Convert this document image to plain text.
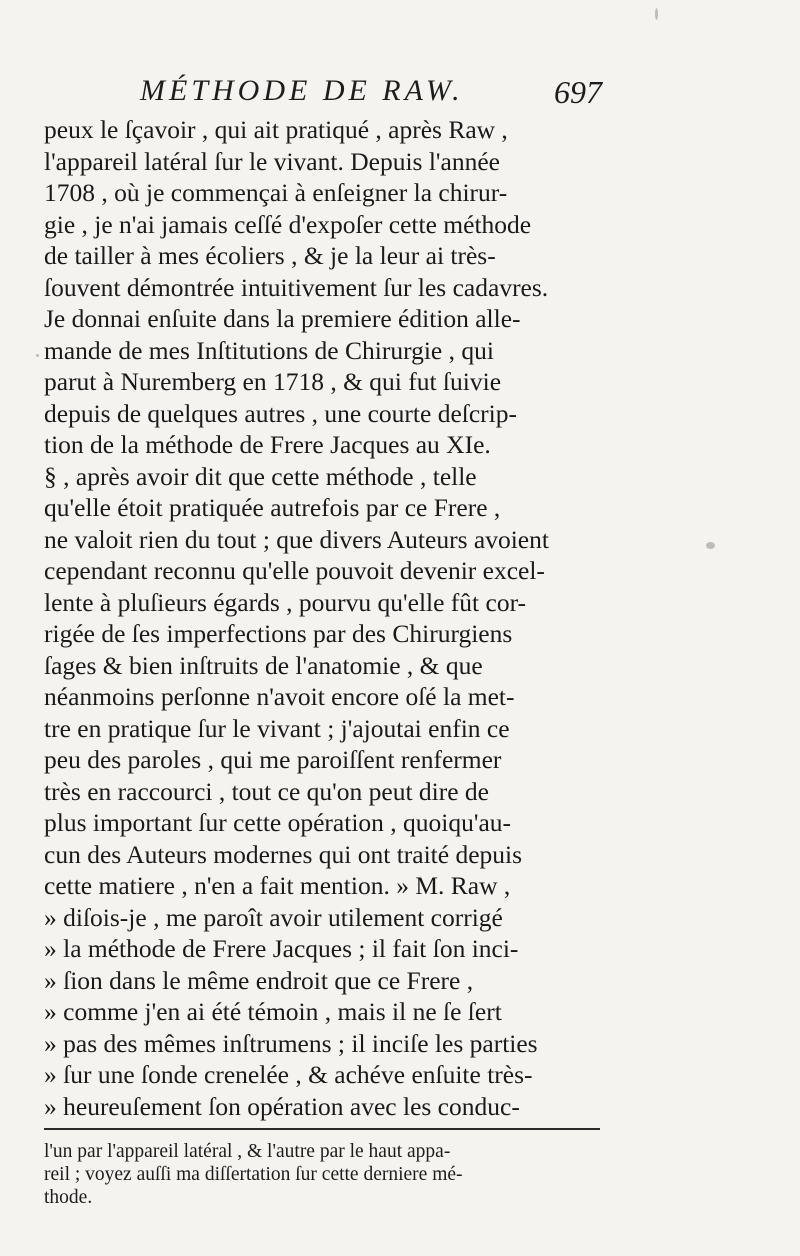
MÉTHODE DE RAW.	697
peux le ſçavoir , qui ait pratiqué , après Raw ,
l'appareil latéral ſur le vivant. Depuis l'année
1708 , où je commençai à enſeigner la chirur-
gie , je n'ai jamais ceſſé d'expoſer cette méthode
de tailler à mes écoliers , & je la leur ai très-
ſouvent démontrée intuitivement ſur les cadavres.
Je donnai enſuite dans la premiere édition alle-
mande de mes Inſtitutions de Chirurgie , qui
parut à Nuremberg en 1718 , & qui fut ſuivie
depuis de quelques autres , une courte deſcrip-
tion de la méthode de Frere Jacques au XIe.
§ , après avoir dit que cette méthode , telle
qu'elle étoit pratiquée autrefois par ce Frere ,
ne valoit rien du tout ; que divers Auteurs avoient
cependant reconnu qu'elle pouvoit devenir excel-
lente à pluſieurs égards , pourvu qu'elle fût cor-
rigée de ſes imperfections par des Chirurgiens
ſages & bien inſtruits de l'anatomie , & que
néanmoins perſonne n'avoit encore oſé la met-
tre en pratique ſur le vivant ; j'ajoutai enfin ce
peu des paroles , qui me paroiſſent renfermer
très en raccourci , tout ce qu'on peut dire de
plus important ſur cette opération , quoiqu'au-
cun des Auteurs modernes qui ont traité depuis
cette matiere , n'en a fait mention. » M. Raw ,
» diſois-je , me paroît avoir utilement corrigé
» la méthode de Frere Jacques ; il fait ſon inci-
» ſion dans le même endroit que ce Frere ,
» comme j'en ai été témoin , mais il ne ſe ſert
» pas des mêmes inſtrumens ; il inciſe les parties
» ſur une ſonde crenelée , & achéve enſuite très-
» heureuſement ſon opération avec les conduc-
l'un par l'appareil latéral , & l'autre par le haut appa-
reil ; voyez auſſi ma diſſertation ſur cette derniere mé-
thode.
